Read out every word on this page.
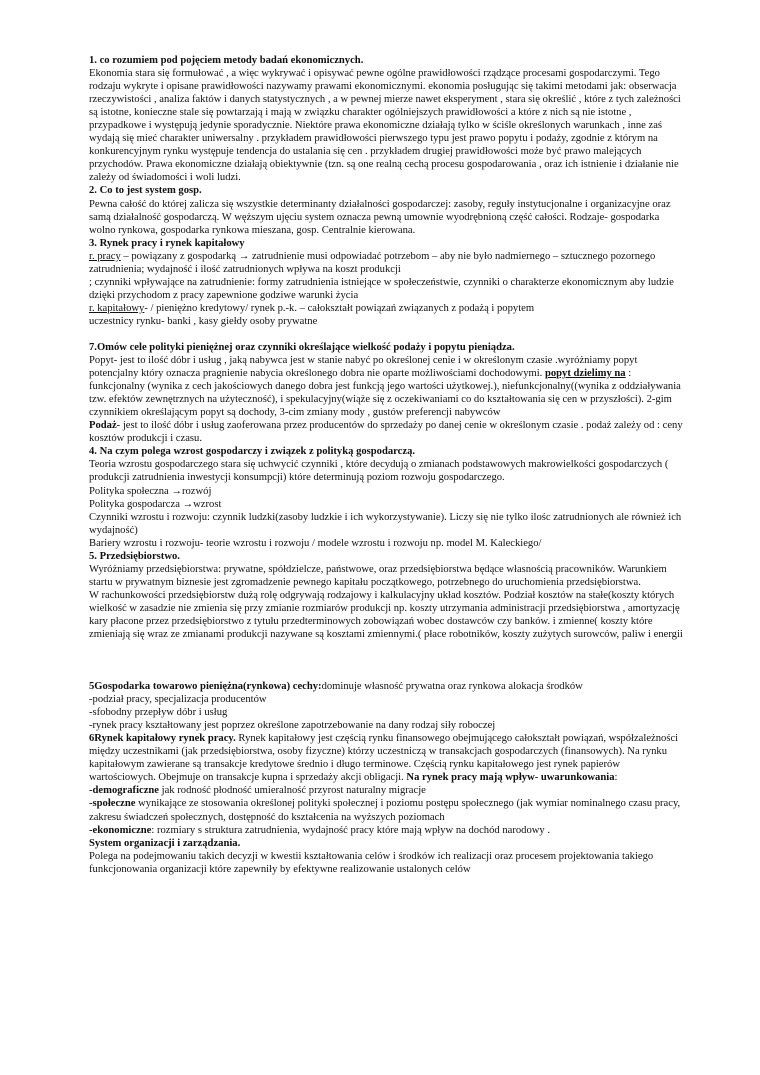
1. co rozumiem pod pojęciem metody badań ekonomicznych.

Ekonomia stara się formułować , a więc wykrywać i opisywać pewne ogólne prawidłowości rządzące procesami gospodarczymi. Tego rodzaju wykryte i opisane prawidłowości nazywamy prawami ekonomicznymi. ekonomia posługując się takimi metodami jak: obserwacja rzeczywistości , analiza faktów i danych statystycznych , a w pewnej mierze nawet eksperyment , stara się określić , które z tych zależności są istotne, konieczne stale się powtarzają i mają w związku charakter ogólniejszych prawidłowości a które z nich są nie istotne , przypadkowe i występują jedynie sporadycznie. Niektóre prawa ekonomiczne działają tylko w ściśle określonych warunkach , inne zaś wydają się mieć charakter uniwersalny . przykładem prawidłowości pierwszego typu jest prawo popytu i podaży, zgodnie z którym na konkurencyjnym rynku występuje tendencja do ustalania się cen . przykładem drugiej prawidłowości może być prawo malejących przychodów. Prawa ekonomiczne działają obiektywnie (tzn. są one realną cechą procesu gospodarowania , oraz ich istnienie i działanie nie zależy od świadomości i woli ludzi.

2. Co to jest system gosp.

Pewna całość do której zalicza się wszystkie determinanty działalności gospodarczej: zasoby, reguły instytucjonalne i organizacyjne oraz samą działalność gospodarczą. W węższym ujęciu system oznacza pewną umownie wyodrębnioną część całości. Rodzaje- gospodarka wolno rynkowa, gospodarka rynkowa mieszana, gosp. Centralnie kierowana.

3. Rynek pracy i rynek kapitałowy

r. pracy – powiązany z gospodarką → zatrudnienie musi odpowiadać potrzebom – aby nie było nadmiernego – sztucznego pozornego zatrudnienia; wydajność i ilość zatrudnionych wpływa na koszt produkcji

; czynniki wpływające na zatrudnienie: formy zatrudnienia istniejące w społeczeństwie, czynniki o charakterze ekonomicznym aby ludzie dzięki przychodom z pracy zapewnione godziwe warunki życia

r. kapitałowy- / pieniężno kredytowy/ rynek p.-k. – całokształt powiązań związanych z podażą i popytem

uczestnicy rynku- banki , kasy giełdy osoby prywatne

7.Omów cele polityki pieniężnej oraz czynniki określające wielkość podaży i popytu pieniądza.

Popyt- jest to ilość dóbr i usług , jaką nabywca jest w stanie nabyć po określonej cenie i w określonym czasie .wyróżniamy popyt potencjalny który oznacza pragnienie nabycia określonego dobra nie oparte możliwościami dochodowymi. popyt dzielimy na : funkcjonalny (wynika z cech jakościowych danego dobra jest funkcją jego wartości użytkowej.), niefunkcjonalny((wynika z oddziaływania tzw. efektów zewnętrznych na użyteczność), i spekulacyjny(wiąże się z oczekiwaniami co do kształtowania się cen w przyszłości). 2-gim czynnikiem określającym popyt są dochody, 3-cim zmiany mody , gustów preferencji nabywców

Podaż- jest to ilość dóbr i usług zaoferowana przez producentów do sprzedaży po danej cenie w określonym czasie . podaż zależy od : ceny kosztów produkcji i czasu.

4. Na czym polega wzrost gospodarczy i związek z polityką gospodarczą.

Teoria wzrostu gospodarczego stara się uchwycić czynniki , które decydują o zmianach podstawowych makrowielkości gospodarczych ( produkcji zatrudnienia inwestycji konsumpcji) które determinują poziom rozwoju gospodarczego.

Polityka społeczna →rozwój

Polityka gospodarcza →wzrost

Czynniki wzrostu i rozwoju: czynnik ludzki(zasoby ludzkie i ich wykorzystywanie). Liczy się nie tylko ilośc zatrudnionych ale również ich wydajność)

Bariery wzrostu i rozwoju- teorie wzrostu i rozwoju / modele wzrostu i rozwoju np. model M. Kaleckiego/

5. Przedsiębiorstwo.

Wyróżniamy przedsiębiorstwa: prywatne, spółdzielcze, państwowe, oraz przedsiębiorstwa będące własnością pracowników. Warunkiem startu w prywatnym biznesie jest zgromadzenie pewnego kapitału początkowego, potrzebnego do uruchomienia przedsiębiorstwa.

W rachunkowości przedsiębiorstw dużą rolę odgrywają rodzajowy i kalkulacyjny układ kosztów. Podział kosztów na stałe(koszty których wielkość w zasadzie nie zmienia się przy zmianie rozmiarów produkcji np. koszty utrzymania administracji przedsiębiorstwa , amortyzację kary płacone przez przedsiębiorstwo z tytułu przedterminowych zobowiązań wobec dostawców czy banków. i zmienne( koszty które zmieniają się wraz ze zmianami produkcji nazywane są kosztami zmiennymi.( płace robotników, koszty zużytych surowców, paliw i energii

5Gospodarka towarowo pieniężna(rynkowa) cechy:dominuje własność prywatna oraz rynkowa alokacja środków

-podział pracy, specjalizacja producentów

-sfobodny przepływ dóbr i usług

-rynek pracy kształtowany jest poprzez określone zapotrzebowanie na dany rodzaj siły roboczej

6Rynek kapitałowy rynek pracy. Rynek kapitałowy jest częścią rynku finansowego obejmującego całokształt powiązań, współzależności między uczestnikami (jak przedsiębiorstwa, osoby fizyczne) którzy uczestniczą w transakcjach gospodarczych (finansowych). Na rynku kapitałowym zawierane są transakcje kredytowe średnio i długo terminowe. Częścią rynku kapitałowego jest rynek papierów wartościowych. Obejmuje on transakcje kupna i sprzedaży akcji obligacji. Na rynek pracy mają wpływ- uwarunkowania:

-demograficzne jak rodność płodność umieralność przyrost naturalny migracje

-społeczne wynikające ze stosowania określonej polityki społecznej i poziomu postępu społecznego (jak wymiar nominalnego czasu pracy, zakresu świadczeń społecznych, dostępność do kształcenia na wyższych poziomach

-ekonomiczne: rozmiary s struktura zatrudnienia, wydajność pracy które mają wpływ na dochód narodowy .

System organizacji i zarządzania.

Polega na podejmowaniu takich decyzji w kwestii kształtowania celów i środków ich realizacji oraz procesem projektowania takiego funkcjonowania organizacji które zapewniły by efektywne realizowanie ustalonych celów
